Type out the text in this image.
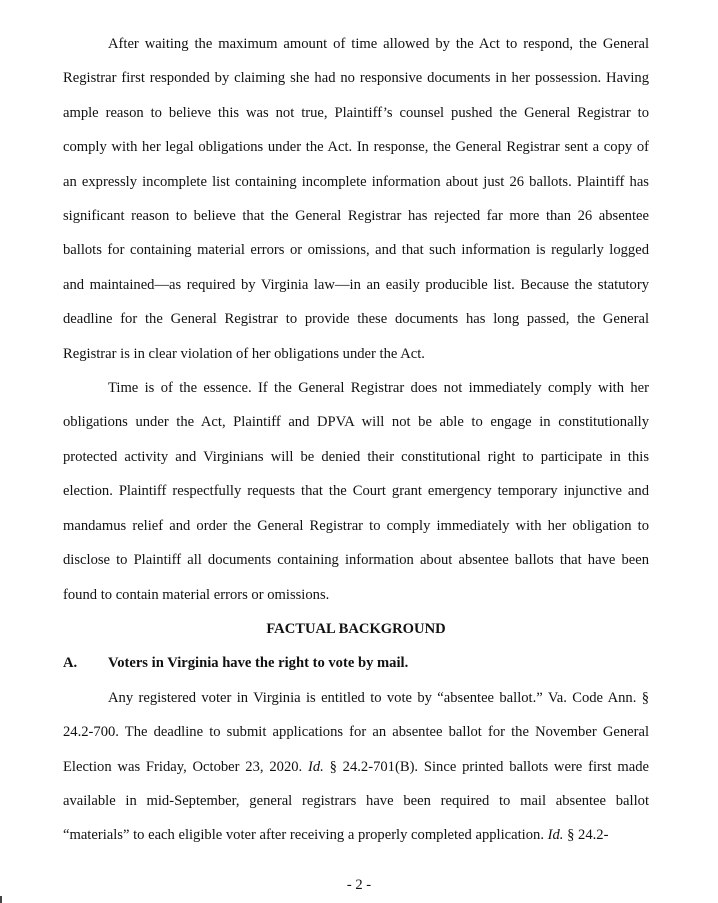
After waiting the maximum amount of time allowed by the Act to respond, the General Registrar first responded by claiming she had no responsive documents in her possession. Having ample reason to believe this was not true, Plaintiff’s counsel pushed the General Registrar to comply with her legal obligations under the Act. In response, the General Registrar sent a copy of an expressly incomplete list containing incomplete information about just 26 ballots. Plaintiff has significant reason to believe that the General Registrar has rejected far more than 26 absentee ballots for containing material errors or omissions, and that such information is regularly logged and maintained—as required by Virginia law—in an easily producible list. Because the statutory deadline for the General Registrar to provide these documents has long passed, the General Registrar is in clear violation of her obligations under the Act.

Time is of the essence. If the General Registrar does not immediately comply with her obligations under the Act, Plaintiff and DPVA will not be able to engage in constitutionally protected activity and Virginians will be denied their constitutional right to participate in this election. Plaintiff respectfully requests that the Court grant emergency temporary injunctive and mandamus relief and order the General Registrar to comply immediately with her obligation to disclose to Plaintiff all documents containing information about absentee ballots that have been found to contain material errors or omissions.

FACTUAL BACKGROUND
A.	Voters in Virginia have the right to vote by mail.

Any registered voter in Virginia is entitled to vote by “absentee ballot.” Va. Code Ann. § 24.2-700. The deadline to submit applications for an absentee ballot for the November General Election was Friday, October 23, 2020. Id. § 24.2-701(B). Since printed ballots were first made available in mid-September, general registrars have been required to mail absentee ballot “materials” to each eligible voter after receiving a properly completed application. Id. § 24.2-

- 2 -
